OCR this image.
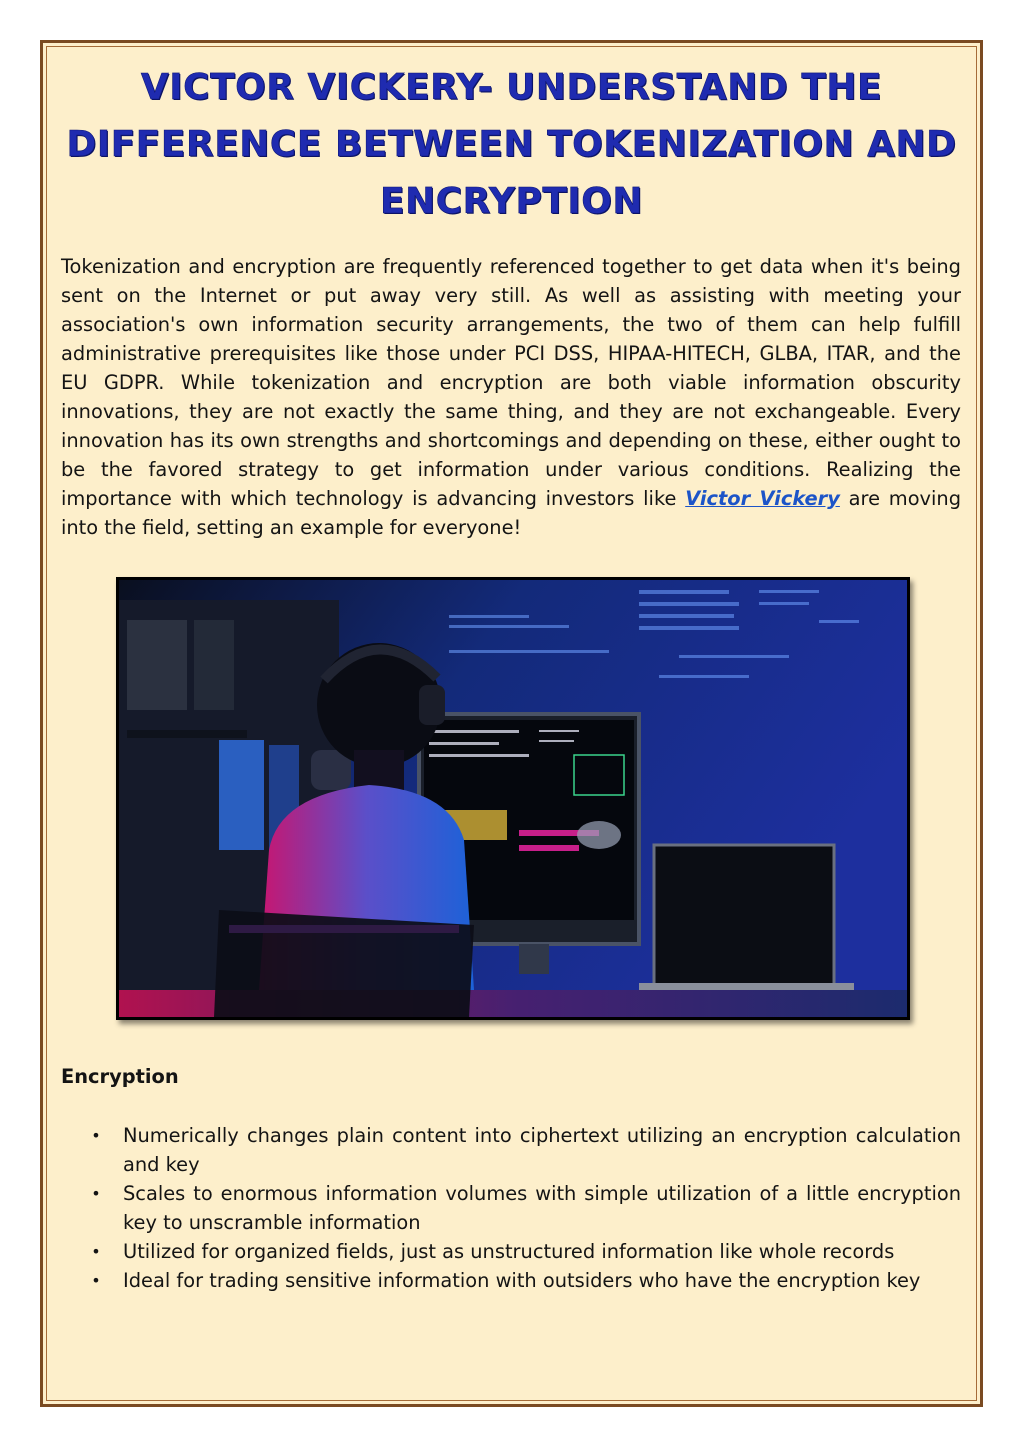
VICTOR VICKERY- UNDERSTAND THE DIFFERENCE BETWEEN TOKENIZATION AND ENCRYPTION

Tokenization and encryption are frequently referenced together to get data when it's being sent on the Internet or put away very still. As well as assisting with meeting your association's own information security arrangements, the two of them can help fulfill administrative prerequisites like those under PCI DSS, HIPAA-HITECH, GLBA, ITAR, and the EU GDPR. While tokenization and encryption are both viable information obscurity innovations, they are not exactly the same thing, and they are not exchangeable. Every innovation has its own strengths and shortcomings and depending on these, either ought to be the favored strategy to get information under various conditions. Realizing the importance with which technology is advancing investors like Victor Vickery are moving into the field, setting an example for everyone!

Encryption
• Numerically changes plain content into ciphertext utilizing an encryption calculation and key
• Scales to enormous information volumes with simple utilization of a little encryption key to unscramble information
• Utilized for organized fields, just as unstructured information like whole records
• Ideal for trading sensitive information with outsiders who have the encryption key
